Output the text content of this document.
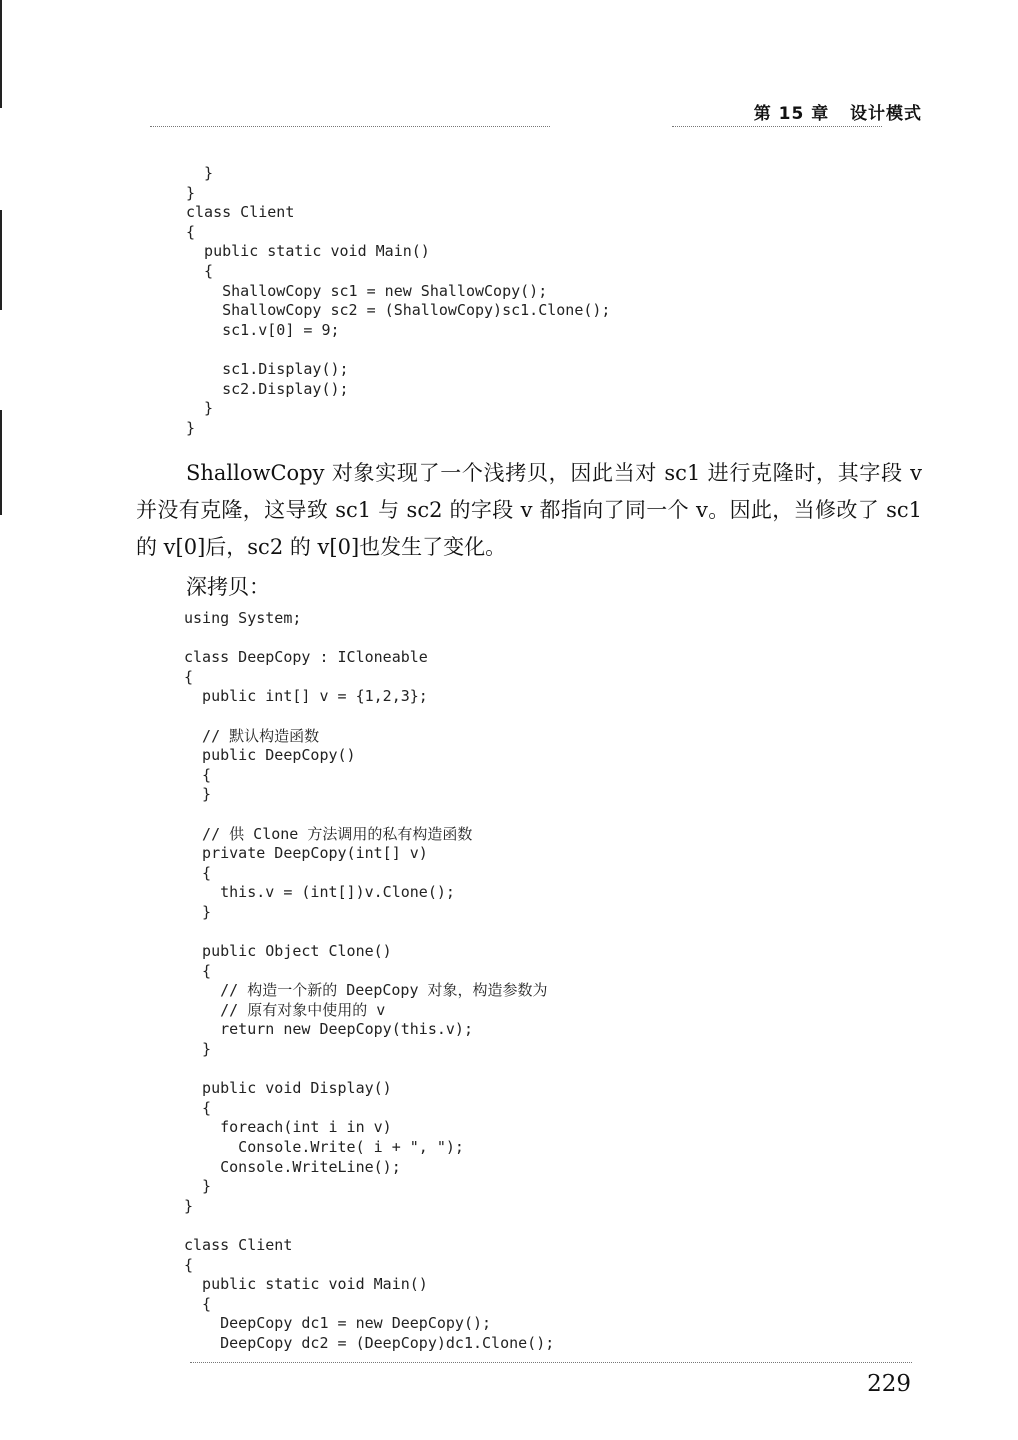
第 15 章 设计模式
}
}
class Client
{
public static void Main()
{
ShallowCopy sc1 = new ShallowCopy();
ShallowCopy sc2 = (ShallowCopy)sc1.Clone();
sc1.v[0] = 9;
sc1.Display();
sc2.Display();
}
}

ShallowCopy 对象实现了一个浅拷贝，因此当对 sc1 进行克隆时，其字段 v 并没有克隆，这导致 sc1 与 sc2 的字段 v 都指向了同一个 v。因此，当修改了 sc1 的 v[0]后，sc2 的 v[0]也发生了变化。

深拷贝：
using System;
class DeepCopy : ICloneable
{
public int[] v = {1,2,3};
// 默认构造函数
public DeepCopy()
{
}
// 供 Clone 方法调用的私有构造函数
private DeepCopy(int[] v)
{
this.v = (int[])v.Clone();
}
public Object Clone()
{
// 构造一个新的 DeepCopy 对象，构造参数为
// 原有对象中使用的 v
return new DeepCopy(this.v);
}
public void Display()
{
foreach(int i in v)
Console.Write( i + ", ");
Console.WriteLine();
}
}
class Client
{
public static void Main()
{
DeepCopy dc1 = new DeepCopy();
DeepCopy dc2 = (DeepCopy)dc1.Clone();
229
